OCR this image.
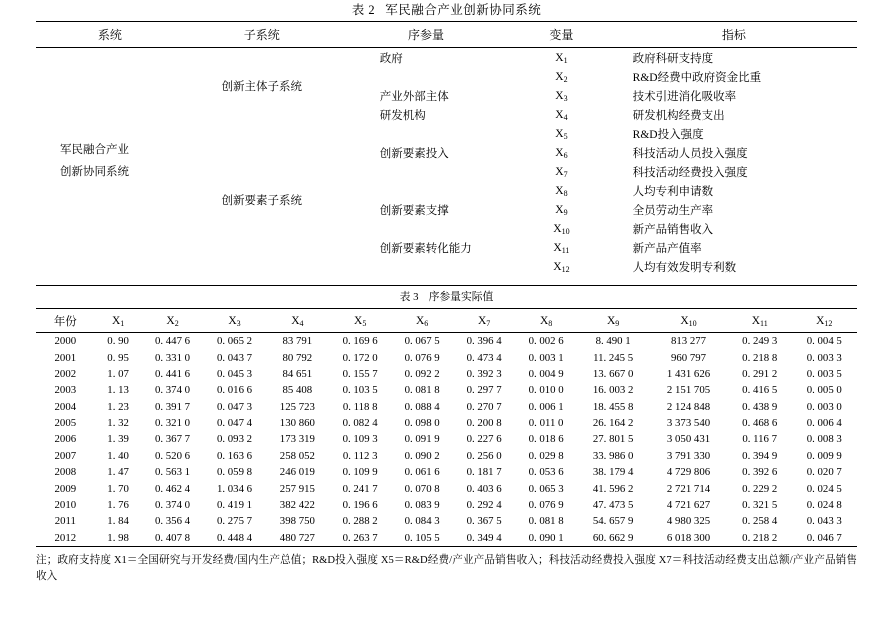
表 2 军民融合产业创新协同系统
系统	子系统	序参量	变量	指标

军民融合产业
创新协同系统	创新主体子系统	政府	$X_1$	政府科研支持度
			$X_2$	R&D经费中政府资金比重
		产业外部主体	$X_3$	技术引进消化吸收率
		研发机构	$X_4$	研发机构经费支出
	创新要素子系统		$X_5$	R&D投入强度
		创新要素投入	$X_6$	科技活动人员投入强度
			$X_7$	科技活动经费投入强度
			$X_8$	人均专利申请数
		创新要素支撑	$X_9$	全员劳动生产率
			$X_{10}$	新产品销售收入
		创新要素转化能力	$X_{11}$	新产品产值率
			$X_{12}$	人均有效发明专利数
表 3 序参量实际值												
年份	$X_1$	$X_2$	$X_3$	$X_4$	$X_5$	$X_6$	$X_7$	$X_8$	$X_9$	$X_{10}$	$X_{11}$	$X_{12}$
2000	0. 90	0. 447 6	0. 065 2	83 791	0. 169 6	0. 067 5	0. 396 4	0. 002 6	8. 490 1	813 277	0. 249 3	0. 004 5
2001	0. 95	0. 331 0	0. 043 7	80 792	0. 172 0	0. 076 9	0. 473 4	0. 003 1	11. 245 5	960 797	0. 218 8	0. 003 3
2002	1. 07	0. 441 6	0. 045 3	84 651	0. 155 7	0. 092 2	0. 392 3	0. 004 9	13. 667 0	1 431 626	0. 291 2	0. 003 5
2003	1. 13	0. 374 0	0. 016 6	85 408	0. 103 5	0. 081 8	0. 297 7	0. 010 0	16. 003 2	2 151 705	0. 416 5	0. 005 0
2004	1. 23	0. 391 7	0. 047 3	125 723	0. 118 8	0. 088 4	0. 270 7	0. 006 1	18. 455 8	2 124 848	0. 438 9	0. 003 0
2005	1. 32	0. 321 0	0. 047 4	130 860	0. 082 4	0. 098 0	0. 200 8	0. 011 0	26. 164 2	3 373 540	0. 468 6	0. 006 4
2006	1. 39	0. 367 7	0. 093 2	173 319	0. 109 3	0. 091 9	0. 227 6	0. 018 6	27. 801 5	3 050 431	0. 116 7	0. 008 3
2007	1. 40	0. 520 6	0. 163 6	258 052	0. 112 3	0. 090 2	0. 256 0	0. 029 8	33. 986 0	3 791 330	0. 394 9	0. 009 9
2008	1. 47	0. 563 1	0. 059 8	246 019	0. 109 9	0. 061 6	0. 181 7	0. 053 6	38. 179 4	4 729 806	0. 392 6	0. 020 7
2009	1. 70	0. 462 4	1. 034 6	257 915	0. 241 7	0. 070 8	0. 403 6	0. 065 3	41. 596 2	2 721 714	0. 229 2	0. 024 5
2010	1. 76	0. 374 0	0. 419 1	382 422	0. 196 6	0. 083 9	0. 292 4	0. 076 9	47. 473 5	4 721 627	0. 321 5	0. 024 8
2011	1. 84	0. 356 4	0. 275 7	398 750	0. 288 2	0. 084 3	0. 367 5	0. 081 8	54. 657 9	4 980 325	0. 258 4	0. 043 3
2012	1. 98	0. 407 8	0. 448 4	480 727	0. 263 7	0. 105 5	0. 349 4	0. 090 1	60. 662 9	6 018 300	0. 218 2	0. 046 7
注；政府支持度 X1＝全国研究与开发经费/国内生产总值；R&D投入强度 X5＝R&D经费/产业产品销售收入；科技活动经费投入强度 X7＝科技活动经费支出总额/产业产品销售收入
